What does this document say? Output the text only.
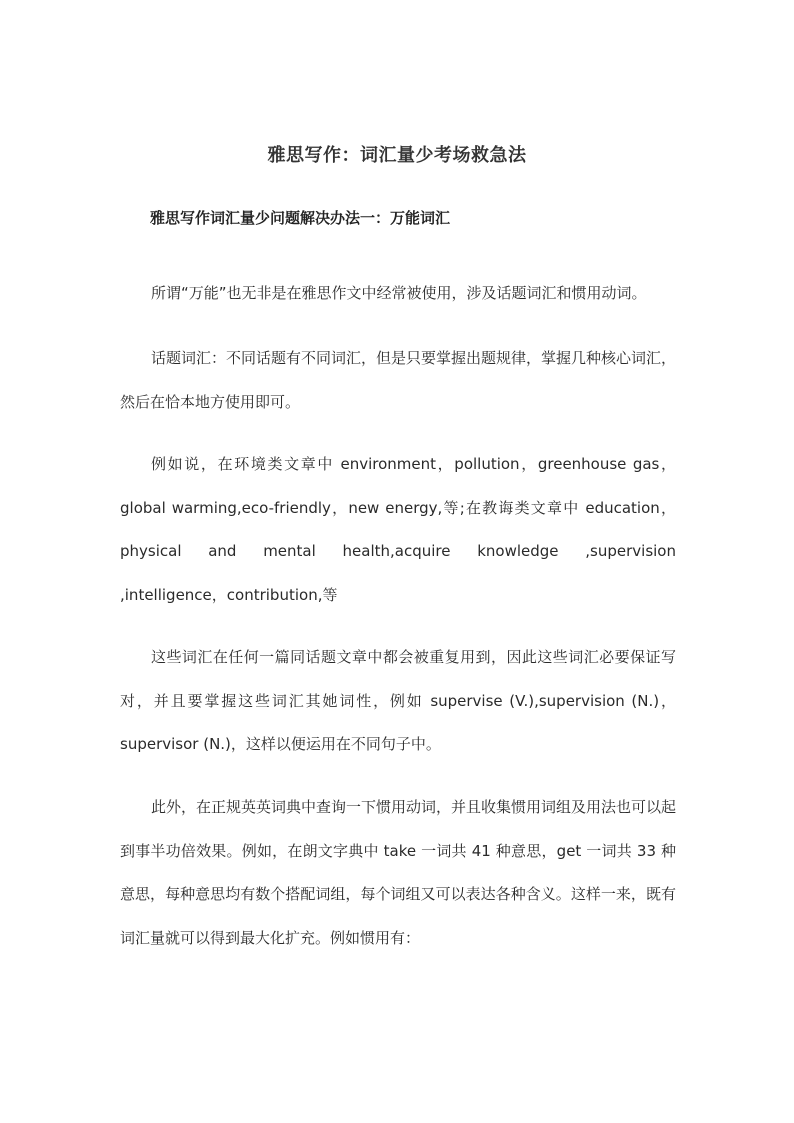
雅思写作：词汇量少考场救急法
雅思写作词汇量少问题解决办法一：万能词汇

所谓“万能”也无非是在雅思作文中经常被使用，涉及话题词汇和惯用动词。

话题词汇：不同话题有不同词汇，但是只要掌握出题规律，掌握几种核心词汇，然后在恰本地方使用即可。

例如说，在环境类文章中 environment，pollution，greenhouse gas，global warming,eco-friendly，new energy,等;在教诲类文章中 education，physical and mental health,acquire knowledge ,supervision ,intelligence，contribution,等

这些词汇在任何一篇同话题文章中都会被重复用到，因此这些词汇必要保证写对，并且要掌握这些词汇其她词性，例如 supervise (V.),supervision (N.)，supervisor (N.)，这样以便运用在不同句子中。

此外，在正规英英词典中查询一下惯用动词，并且收集惯用词组及用法也可以起到事半功倍效果。例如，在朗文字典中 take 一词共 41 种意思，get 一词共 33 种意思，每种意思均有数个搭配词组，每个词组又可以表达各种含义。这样一来，既有词汇量就可以得到最大化扩充。例如惯用有：
